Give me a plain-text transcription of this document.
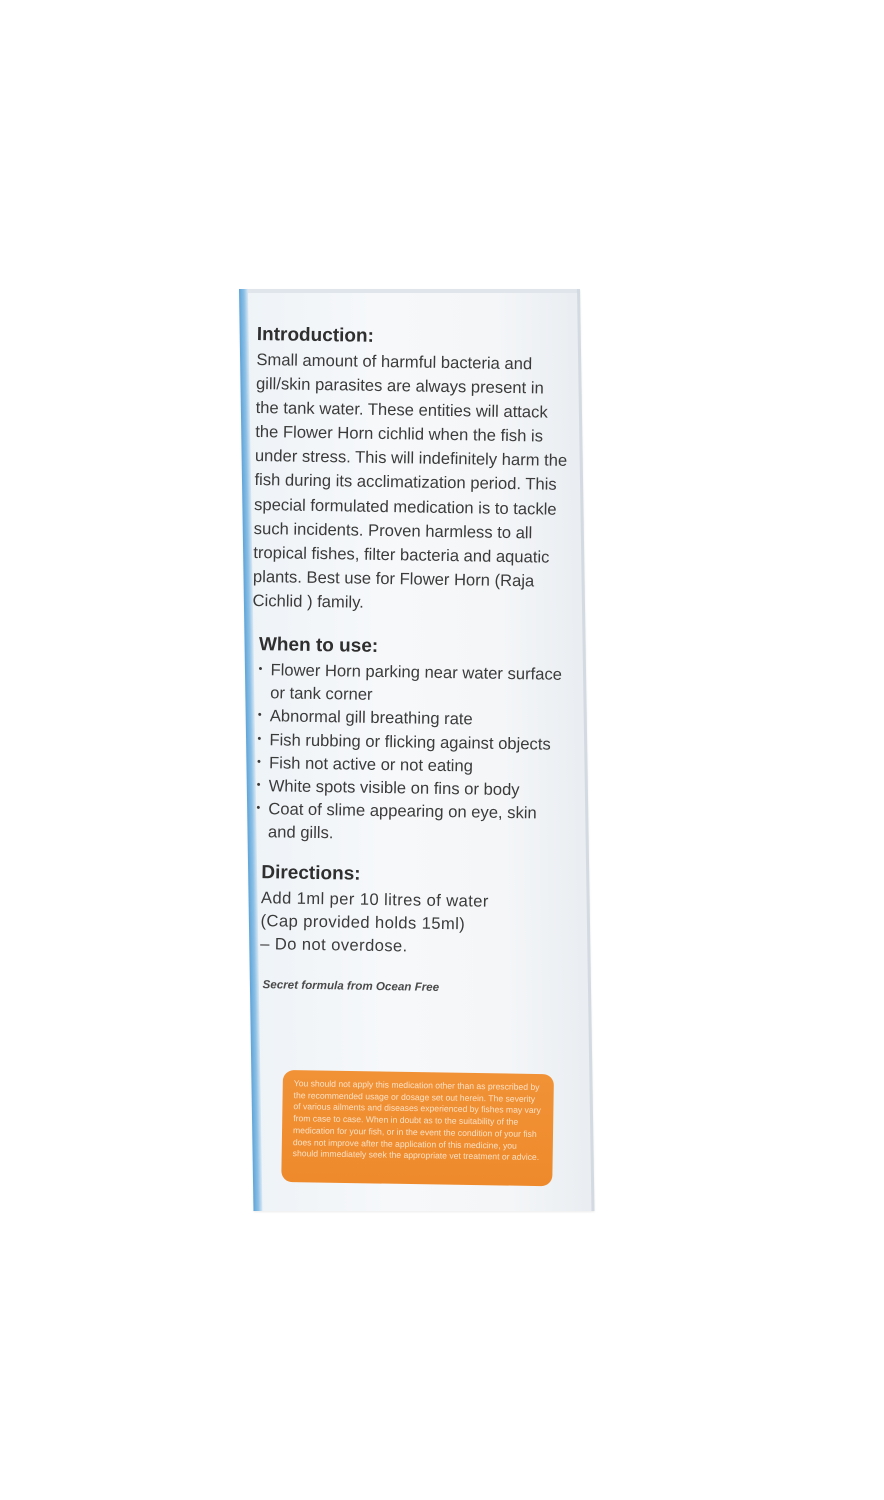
Introduction:

Small amount of harmful bacteria and gill/skin parasites are always present in the tank water. These entities will attack the Flower Horn cichlid when the fish is under stress. This will indefinitely harm the fish during its acclimatization period. This special formulated medication is to tackle such incidents. Proven harmless to all tropical fishes, filter bacteria and aquatic plants. Best use for Flower Horn (Raja Cichlid ) family.

When to use:
• Flower Horn parking near water surface or tank corner
• Abnormal gill breathing rate
• Fish rubbing or flicking against objects
• Fish not active or not eating
• White spots visible on fins or body
• Coat of slime appearing on eye, skin and gills.
Directions:
Add 1ml per 10 litres of water
(Cap provided holds 15ml)
– Do not overdose.
Secret formula from Ocean Free
You should not apply this medication other than as prescribed by the recommended usage or dosage set out herein. The severity of various ailments and diseases experienced by fishes may vary from case to case. When in doubt as to the suitability of the medication for your fish, or in the event the condition of your fish does not improve after the application of this medicine, you should immediately seek the appropriate vet treatment or advice.
